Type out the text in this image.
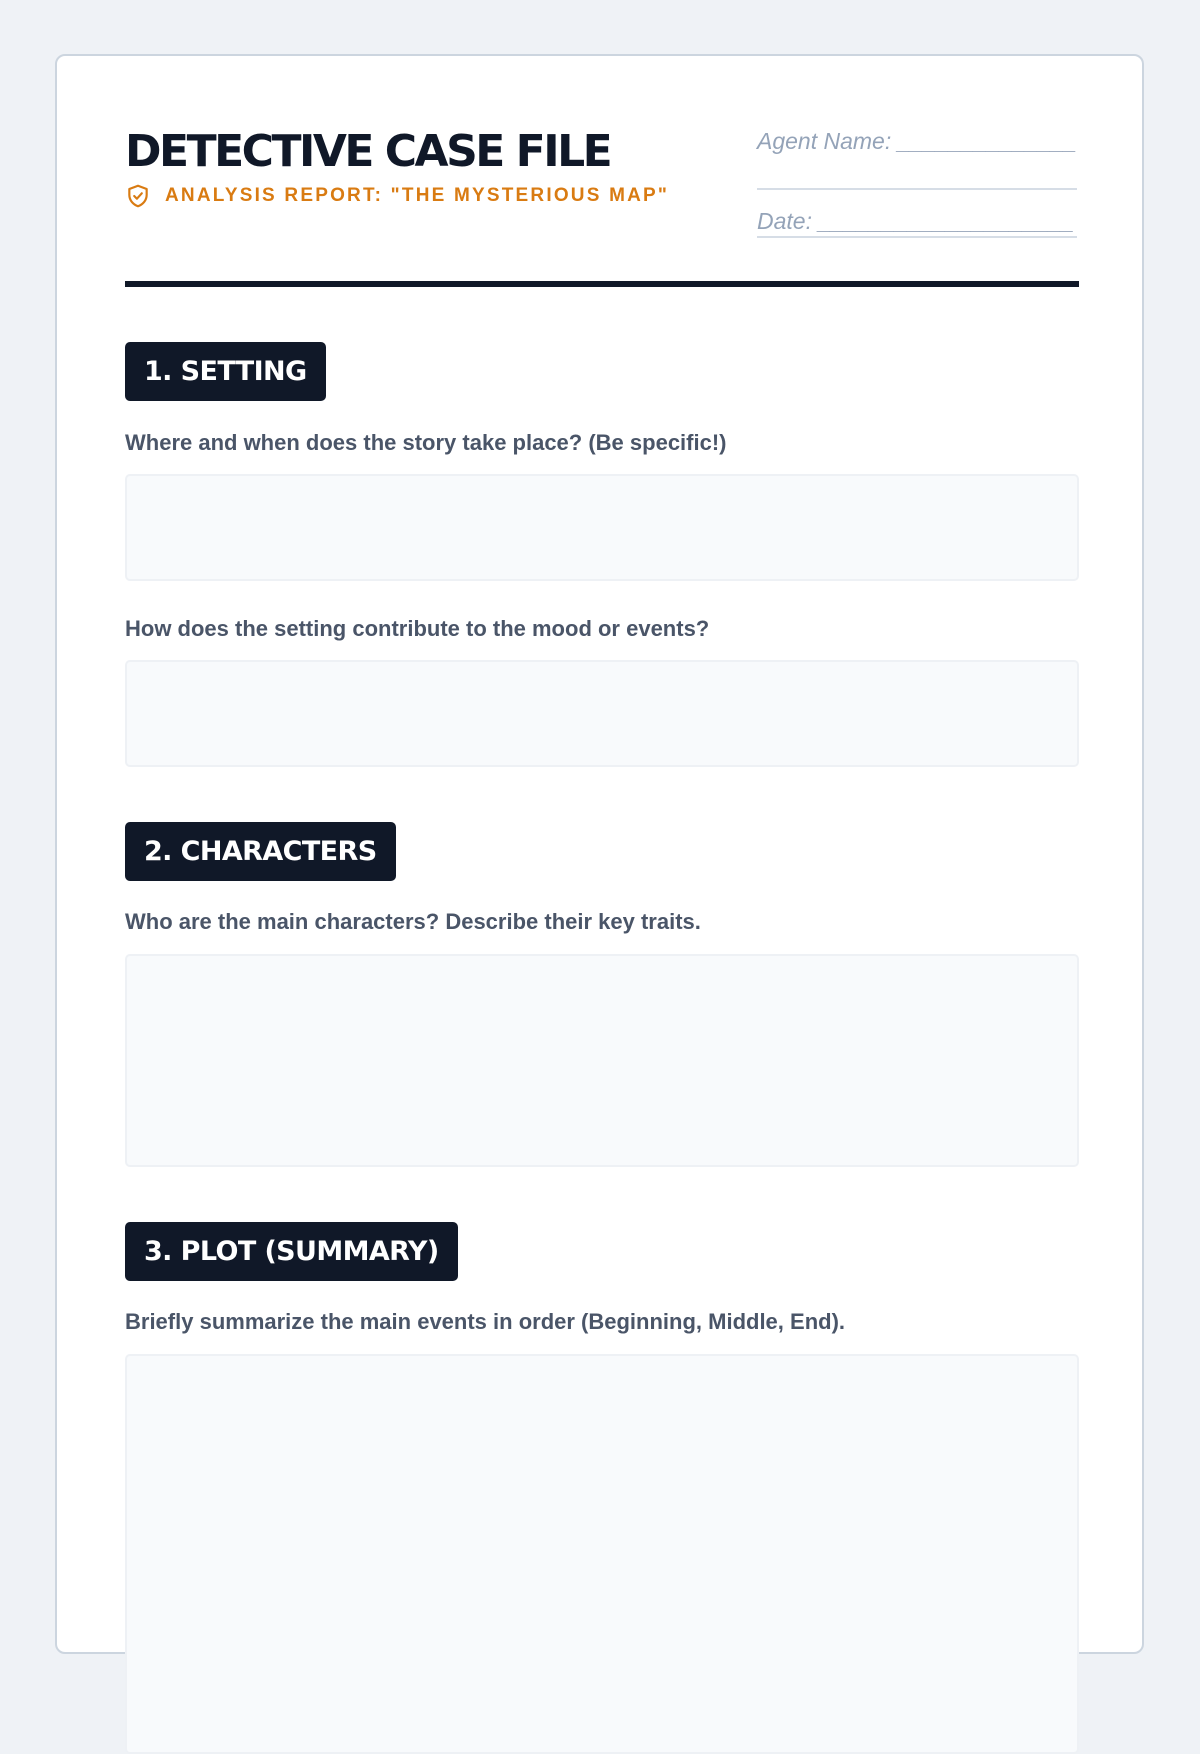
DETECTIVE CASE FILE
ANALYSIS REPORT: "THE MYSTERIOUS MAP"
Agent Name: ______________
Date: ____________________
1. SETTING
Where and when does the story take place? (Be specific!)
How does the setting contribute to the mood or events?
2. CHARACTERS
Who are the main characters? Describe their key traits.
3. PLOT (SUMMARY)
Briefly summarize the main events in order (Beginning, Middle, End).
